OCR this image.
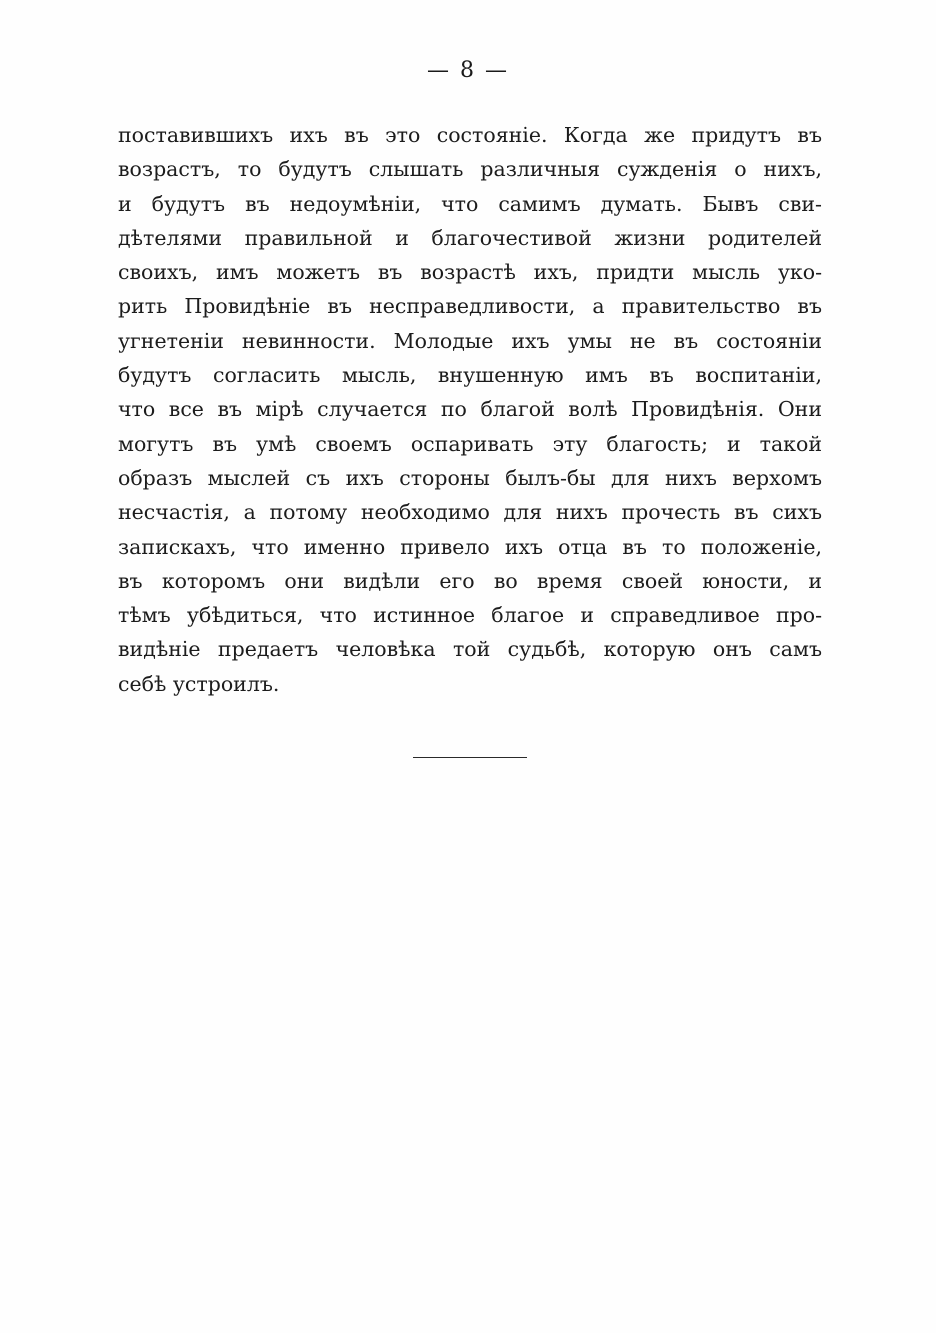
— 8 —
поставившихъ ихъ въ это состоянiе. Когда же придутъ въ
возрастъ, то будутъ слышать различныя сужденiя о нихъ,
и будутъ въ недоумѣнiи, что самимъ думать. Бывъ сви-
дѣтелями правильной и благочестивой жизни родителей
своихъ, имъ можетъ въ возрастѣ ихъ, придти мысль уко-
рить Провидѣнiе въ несправедливости, а правительство въ
угнетенiи невинности. Молодые ихъ умы не въ состоянiи
будутъ согласить мысль, внушенную имъ въ воспитанiи,
что все въ мiрѣ случается по благой волѣ Провидѣнiя. Они
могутъ въ умѣ своемъ оспаривать эту благость; и такой
образъ мыслей съ ихъ стороны былъ-бы для нихъ верхомъ
несчастiя, а потому необходимо для нихъ прочесть въ сихъ
запискахъ, что именно привело ихъ отца въ то положенiе,
въ которомъ они видѣли его во время своей юности, и
тѣмъ убѣдиться, что истинное благое и справедливое про-
видѣнiе предаетъ человѣка той судьбѣ, которую онъ самъ
себѣ устроилъ.
